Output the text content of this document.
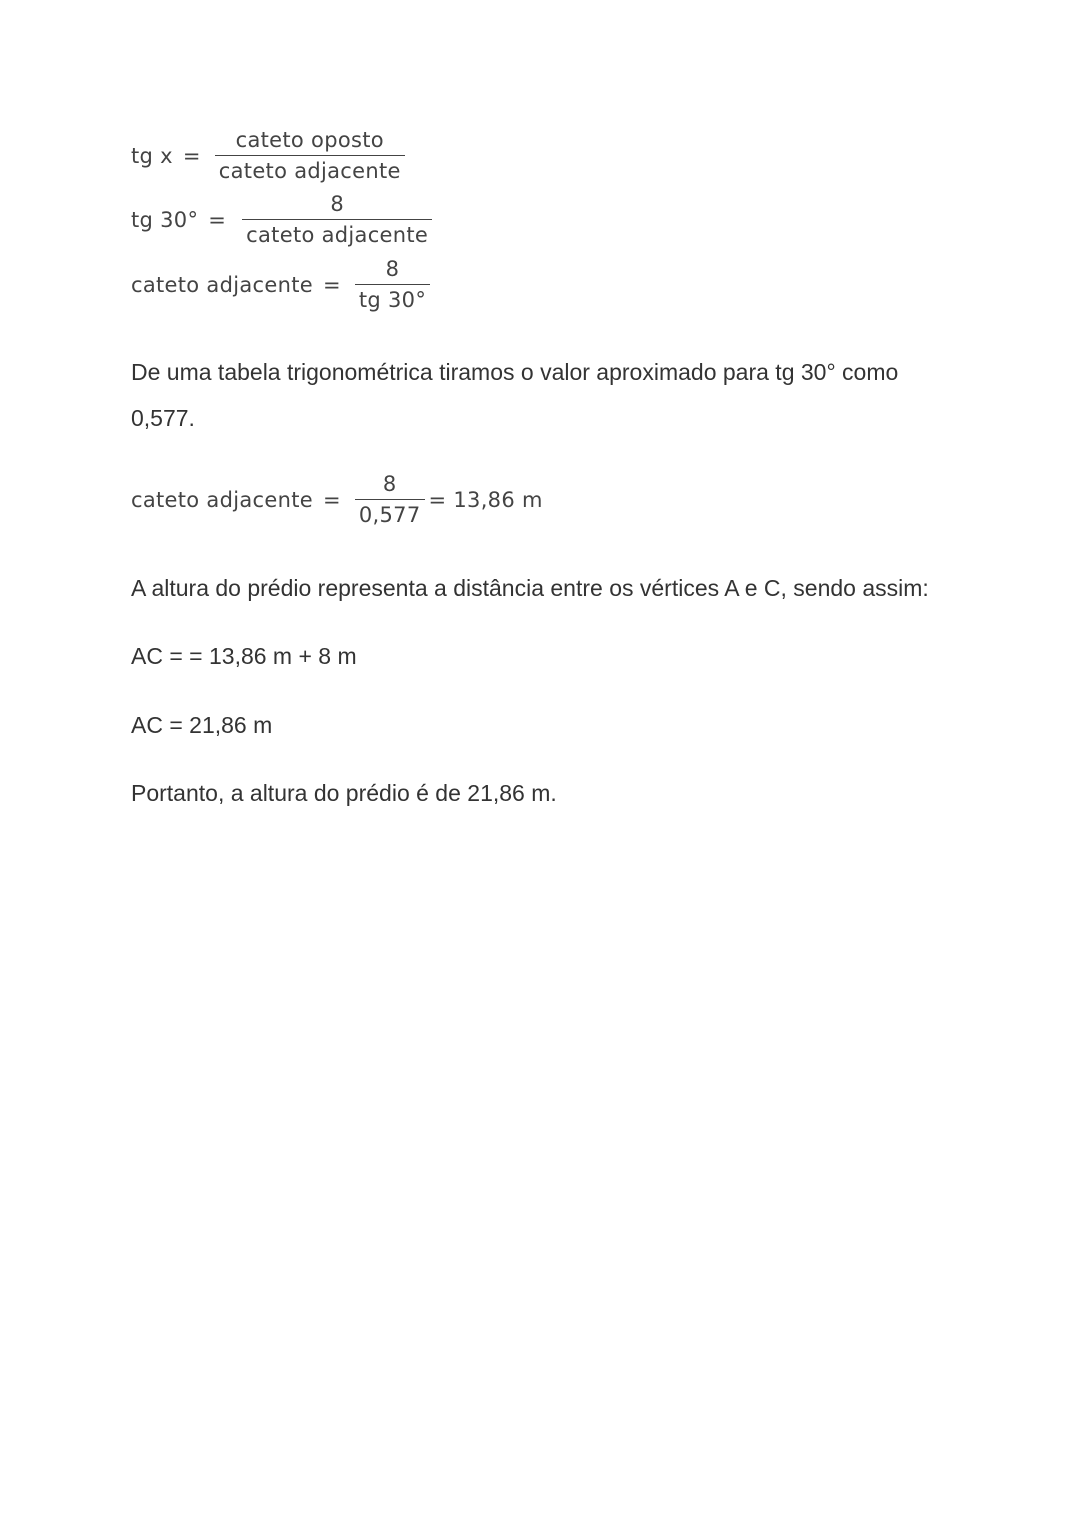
tg $x = \frac{\text{cateto oposto}}{\text{cateto adjacente}}$
tg $30^\circ = \frac{8}{\text{cateto adjacente}}$
cateto adjacente = $\frac{8}{tg 30^\circ}$

De uma tabela trigonométrica tiramos o valor aproximado para tg 30° como

0,577.

cateto adjacente = $\frac{8}{0,577} = 13,86$ m

A altura do prédio representa a distância entre os vértices A e C, sendo assim:

AC = = 13,86 m + 8 m

AC = 21,86 m

Portanto, a altura do prédio é de 21,86 m.
